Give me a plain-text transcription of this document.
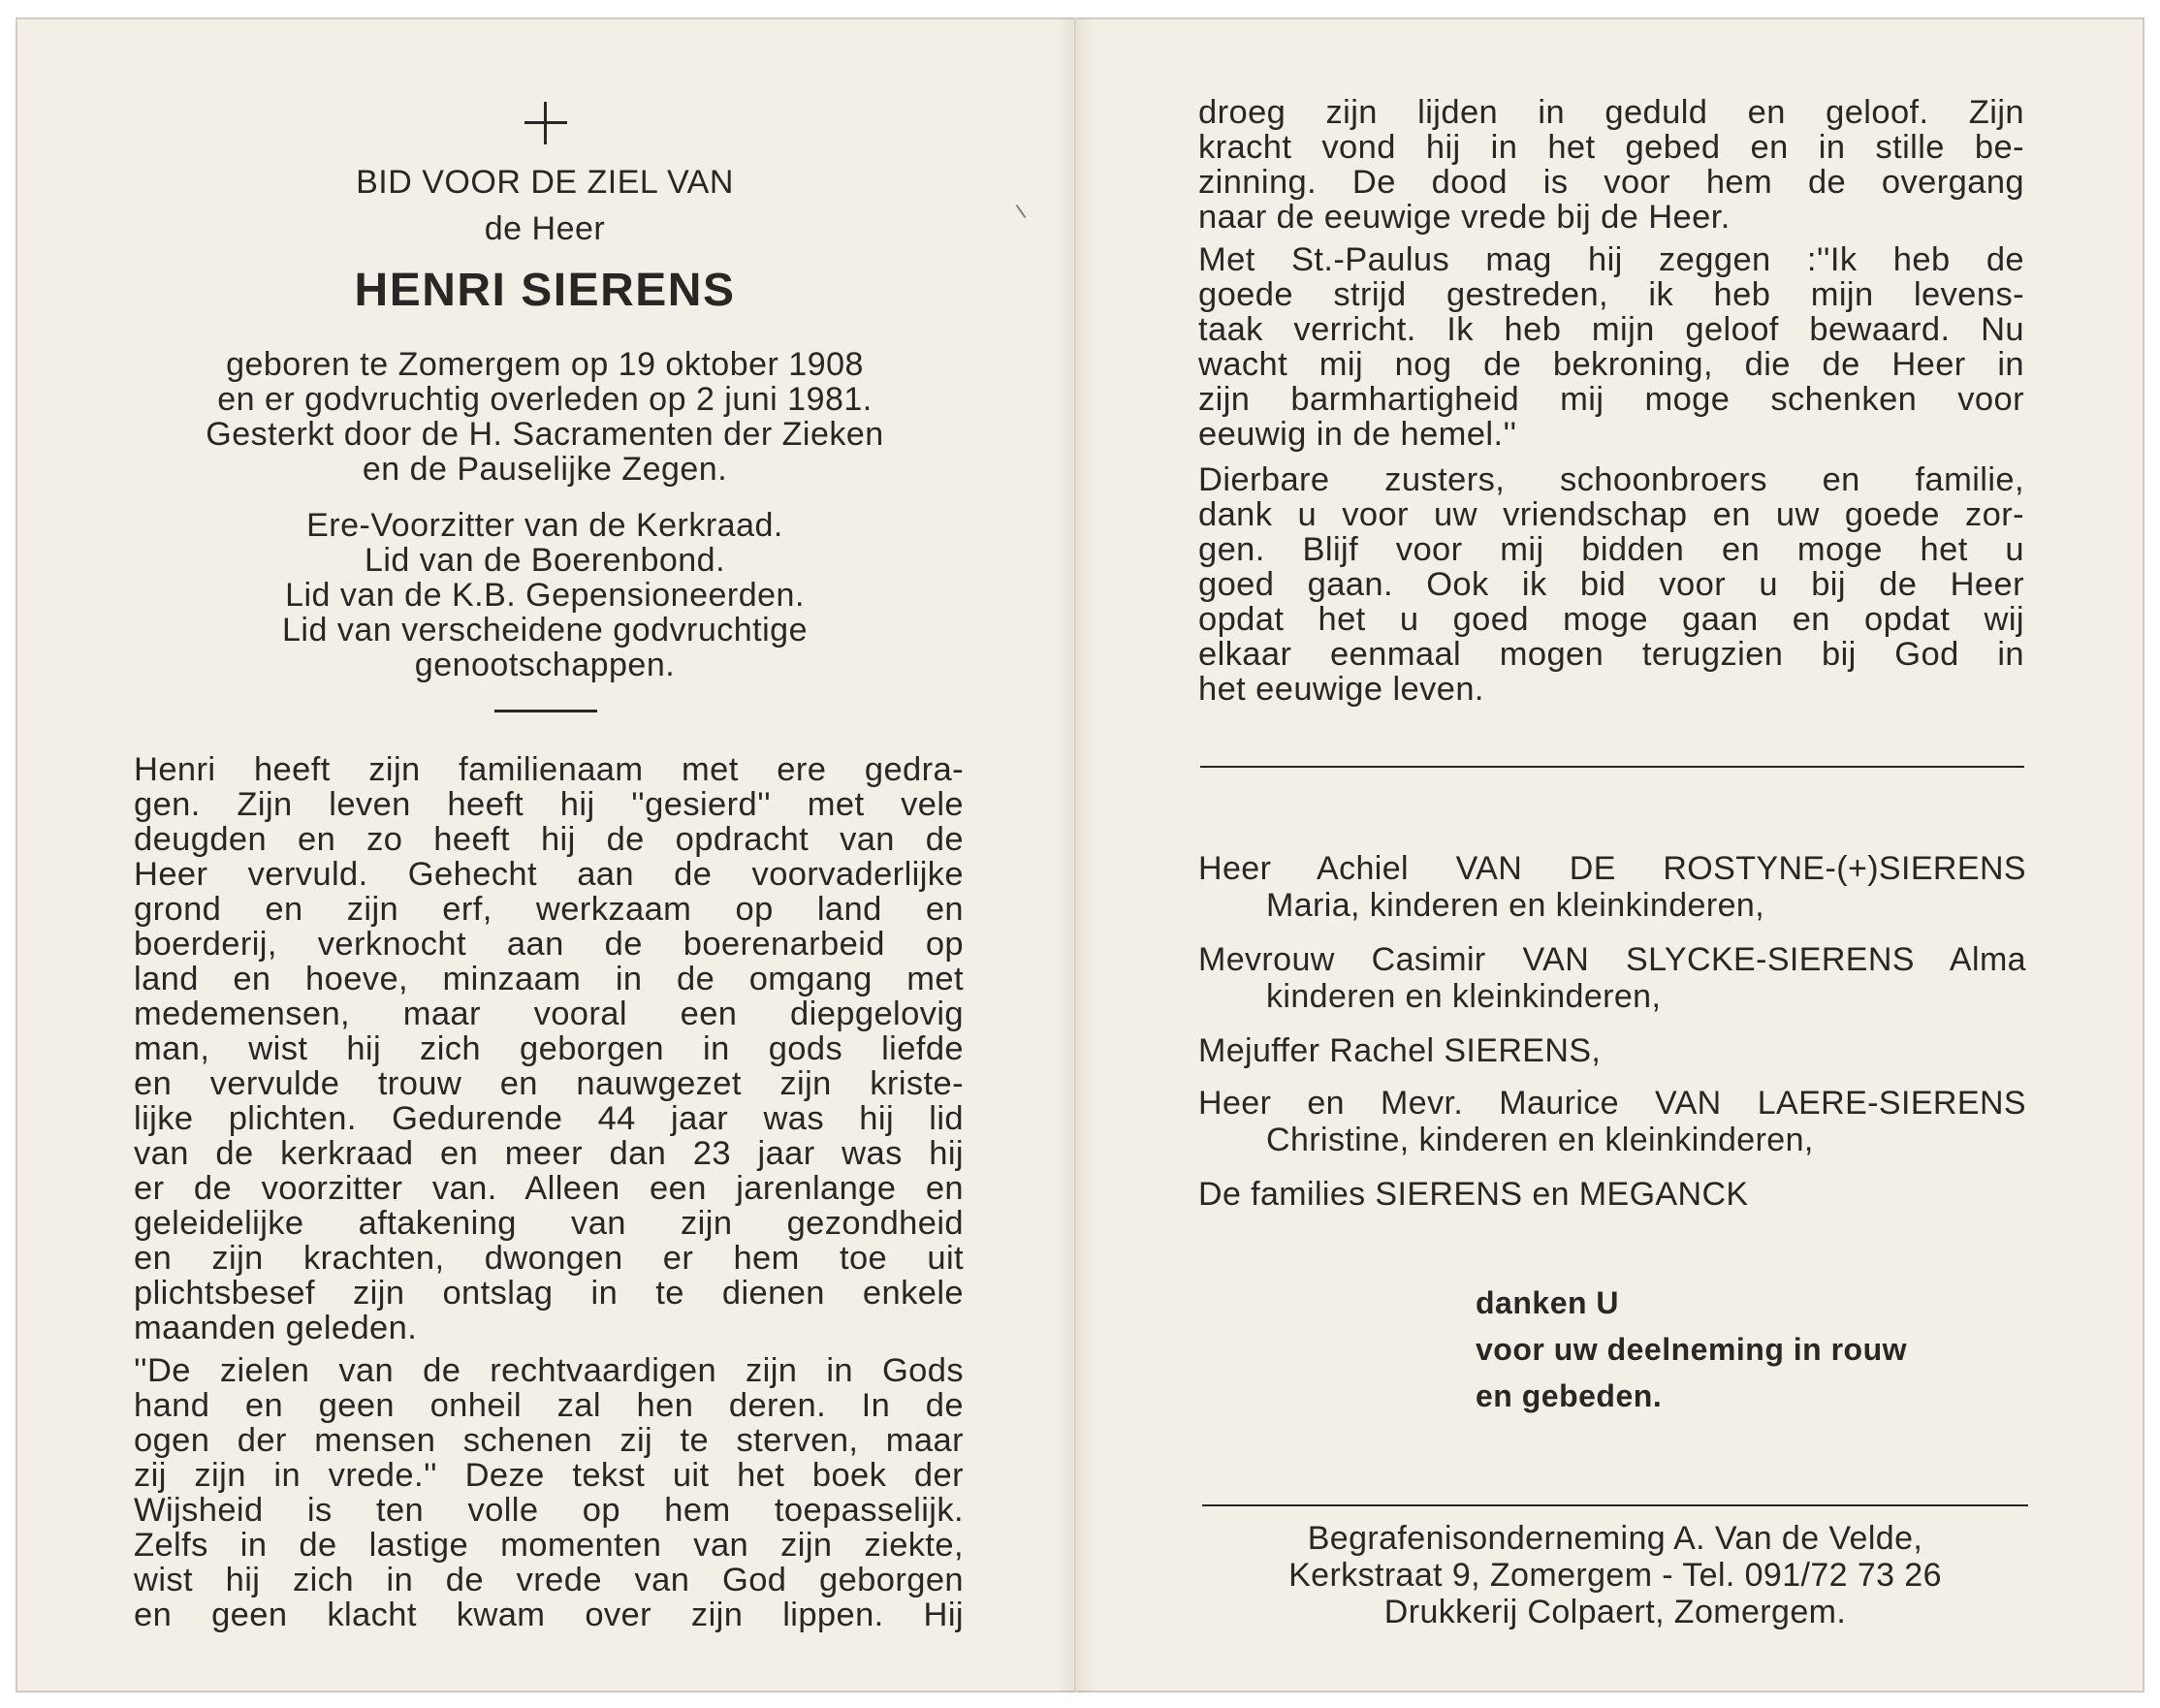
BID VOOR DE ZIEL VAN
de Heer
HENRI SIERENS
geboren te Zomergem op 19 oktober 1908
en er godvruchtig overleden op 2 juni 1981.
Gesterkt door de H. Sacramenten der Zieken
en de Pauselijke Zegen.
Ere-Voorzitter van de Kerkraad.
Lid van de Boerenbond.
Lid van de K.B. Gepensioneerden.
Lid van verscheidene godvruchtige
genootschappen.
Henri heeft zijn familienaam met ere gedra-
gen. Zijn leven heeft hij ''gesierd'' met vele
deugden en zo heeft hij de opdracht van de
Heer vervuld. Gehecht aan de voorvaderlijke
grond en zijn erf, werkzaam op land en
boerderij, verknocht aan de boerenarbeid op
land en hoeve, minzaam in de omgang met
medemensen, maar vooral een diepgelovig
man, wist hij zich geborgen in gods liefde
en vervulde trouw en nauwgezet zijn kriste-
lijke plichten. Gedurende 44 jaar was hij lid
van de kerkraad en meer dan 23 jaar was hij
er de voorzitter van. Alleen een jarenlange en
geleidelijke aftakening van zijn gezondheid
en zijn krachten, dwongen er hem toe uit
plichtsbesef zijn ontslag in te dienen enkele
maanden geleden.
''De zielen van de rechtvaardigen zijn in Gods
hand en geen onheil zal hen deren. In de
ogen der mensen schenen zij te sterven, maar
zij zijn in vrede.'' Deze tekst uit het boek der
Wijsheid is ten volle op hem toepasselijk.
Zelfs in de lastige momenten van zijn ziekte,
wist hij zich in de vrede van God geborgen
en geen klacht kwam over zijn lippen. Hij
droeg zijn lijden in geduld en geloof. Zijn
kracht vond hij in het gebed en in stille be-
zinning. De dood is voor hem de overgang
naar de eeuwige vrede bij de Heer.
Met St.-Paulus mag hij zeggen :''Ik heb de
goede strijd gestreden, ik heb mijn levens-
taak verricht. Ik heb mijn geloof bewaard. Nu
wacht mij nog de bekroning, die de Heer in
zijn barmhartigheid mij moge schenken voor
eeuwig in de hemel.''
Dierbare zusters, schoonbroers en familie,
dank u voor uw vriendschap en uw goede zor-
gen. Blijf voor mij bidden en moge het u
goed gaan. Ook ik bid voor u bij de Heer
opdat het u goed moge gaan en opdat wij
elkaar eenmaal mogen terugzien bij God in
het eeuwige leven.
Heer Achiel VAN DE ROSTYNE-(+)SIERENS
Maria, kinderen en kleinkinderen,
Mevrouw Casimir VAN SLYCKE-SIERENS Alma
kinderen en kleinkinderen,
Mejuffer Rachel SIERENS,
Heer en Mevr. Maurice VAN LAERE-SIERENS
Christine, kinderen en kleinkinderen,
De families SIERENS en MEGANCK
danken U
voor uw deelneming in rouw
en gebeden.
Begrafenisonderneming A. Van de Velde,
Kerkstraat 9, Zomergem - Tel. 091/72 73 26
Drukkerij Colpaert, Zomergem.
